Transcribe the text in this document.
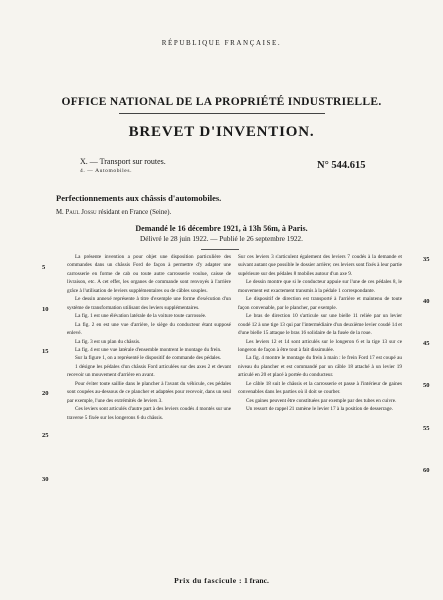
RÉPUBLIQUE FRANÇAISE.
OFFICE NATIONAL DE LA PROPRIÉTÉ INDUSTRIELLE.
BREVET D'INVENTION.
X. — Transport sur routes.
4. — Automobiles.	N° 544.615
Perfectionnements aux châssis d'automobiles.
M. Paul Jossu résidant en France (Seine).
Demandé le 16 décembre 1921, à 13h 56m, à Paris.
Délivré le 28 juin 1922. — Publié le 26 septembre 1922.

La présente invention a pour objet une disposition particulière des commandes dans un châssis Ford de façon à permettre d'y adapter une carrosserie en forme de cab ou toute autre carrosserie voulue, caisse de livraison, etc. A cet effet, les organes de commande sont renvoyés à l'arrière grâce à l'utilisation de leviers supplémentaires ou de câbles souples.

Le dessin annexé représente à titre d'exemple une forme d'exécution d'un système de transformation utilisant des leviers supplémentaires.

La fig. 1 est une élévation latérale de la voiture toute carrossée.

La fig. 2 en est une vue d'arrière, le siège du conducteur étant supposé enlevé.

La fig. 3 est un plan du châssis.

La fig. 4 est une vue latérale d'ensemble montrent le montage du frein.

Sur la figure 1, on a représenté le dispositif de commande des pédales.

1 désigne les pédales d'un châssis Ford articulées sur des axes 2 et devant recevoir un mouvement d'arrière en avant.

Pour éviter toute saillie dans le plancher à l'avant du véhicule, ces pédales sont coupées au-dessous de ce plancher et adaptées pour recevoir, dans un seul par exemple, l'une des extrémités de leviers 3.

Ces leviers sont articulés d'autre part à des leviers coudés 4 montés sur une traverse 5 fixée sur les longerons 6 du châssis.

Sur ces leviers 3 s'articulent également des leviers 7 coudés à la demande et suivant autant que possible le dossier arrière; ces leviers sont fixés à leur partie supérieure sur des pédales 8 mobiles autour d'un axe 9.

Le dessin montre que si le conducteur appuie sur l'une de ces pédales 8, le mouvement est exactement transmis à la pédale 1 correspondante.

Le dispositif de direction est transporté à l'arrière et maintenu de toute façon convenable, par le plancher, par exemple.

Le bras de direction 10 s'articule sur une bielle 11 reliée par un levier coudé 12 à une tige 13 qui par l'intermédiaire d'un deuxième levier coudé 14 et d'une bielle 15 attaque le bras 16 solidaire de la fusée de la roue.

Les leviers 12 et 14 sont articulés sur le longeron 6 et la tige 13 sur ce longeron de façon à être tout à fait dissimulée.

La fig. 4 montre le montage du frein à main : le frein Ford 17 est coupé au niveau du plancher et est commandé par un câble 18 attaché à un levier 19 articulé en 20 et placé à portée du conducteur.

Le câble 18 suit le châssis et la carrosserie et passe à l'intérieur de gaines convenables dans les parties où il doit se courber.

Ces gaines peuvent être constituées par exemple par des tubes en cuivre.

Un ressort de rappel 21 ramène le levier 17 à la position de desserrage.

5
10
15
20
25
30
35
40
45
50
55
60
Prix du fascicule : 1 franc.
